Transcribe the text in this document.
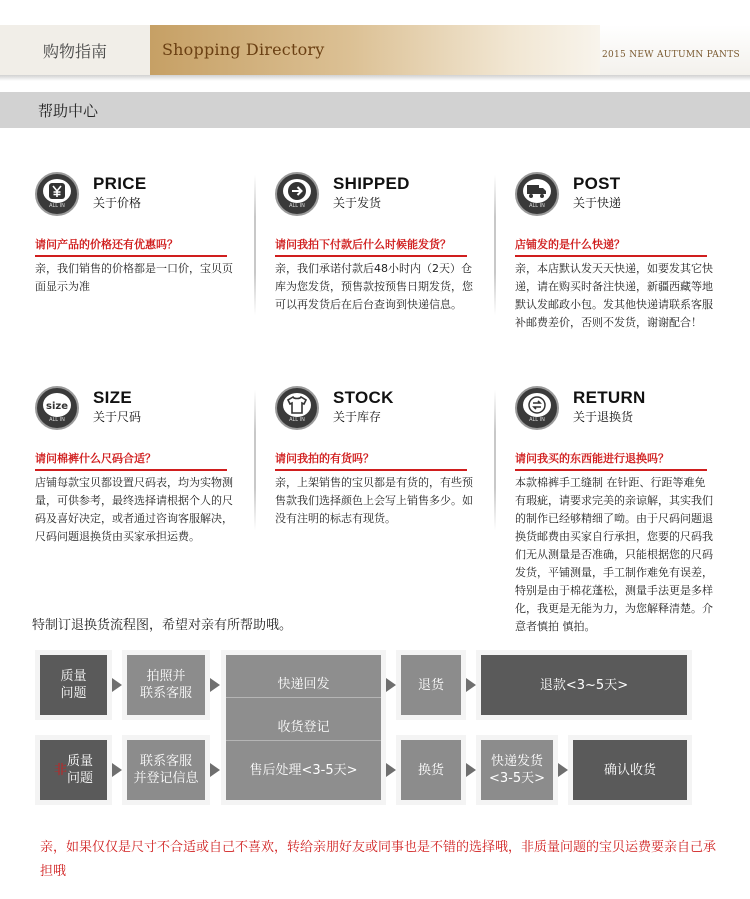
购物指南	Shopping Directory	2015 NEW AUTUMN PANTS
帮助中心
ALL IN
PRICE
关于价格
请问产品的价格还有优惠吗？
亲，我们销售的价格都是一口价，宝贝页面显示为准
ALL IN
SHIPPED
关于发货
请问我拍下付款后什么时候能发货？
亲，我们承诺付款后48小时内（2天）仓库为您发货，预售款按预售日期发货，您可以再发货后在后台查询到快递信息。
ALL IN
POST
关于快递
店铺发的是什么快递？
亲，本店默认发天天快递，如要发其它快递，请在购买时备注快递，新疆西藏等地默认发邮政小包。发其他快递请联系客服补邮费差价，否则不发货，谢谢配合！
size
ALL IN
SIZE
关于尺码
请问棉裤什么尺码合适？
店铺每款宝贝都设置尺码表，均为实物测量，可供参考，最终选择请根据个人的尺码及喜好决定，或者通过咨询客服解决，尺码问题退换货由买家承担运费。
ALL IN
STOCK
关于库存
请问我拍的有货吗？
亲，上架销售的宝贝都是有货的，有些预售款我们选择颜色上会写上销售多少。如没有注明的标志有现货。
ALL IN
RETURN
关于退换货
请问我买的东西能进行退换吗？
本款棉裤手工缝制 在针距、行距等难免有瑕疵，请要求完美的亲谅解，其实我们的制作已经够精细了呦。由于尺码问题退换货邮费由买家自行承担，您要的尺码我们无从测量是否准确，只能根据您的尺码发货，平铺测量，手工制作难免有误差，特别是由于棉花蓬松，测量手法更是多样化，我更是无能为力，为您解释清楚。介意者慎拍 慎拍。
特制订退换货流程图，希望对亲有所帮助哦。
质量
问题
拍照并
联系客服
非
质量
问题
联系客服
并登记信息
快递回发
收货登记
售后处理<3-5天>
退货	退款<3~5天>
换货
快递发货
<3-5天>
确认收货
亲，如果仅仅是尺寸不合适或自己不喜欢，转给亲朋好友或同事也是不错的选择哦，非质量问题的宝贝运费要亲自己承担哦
